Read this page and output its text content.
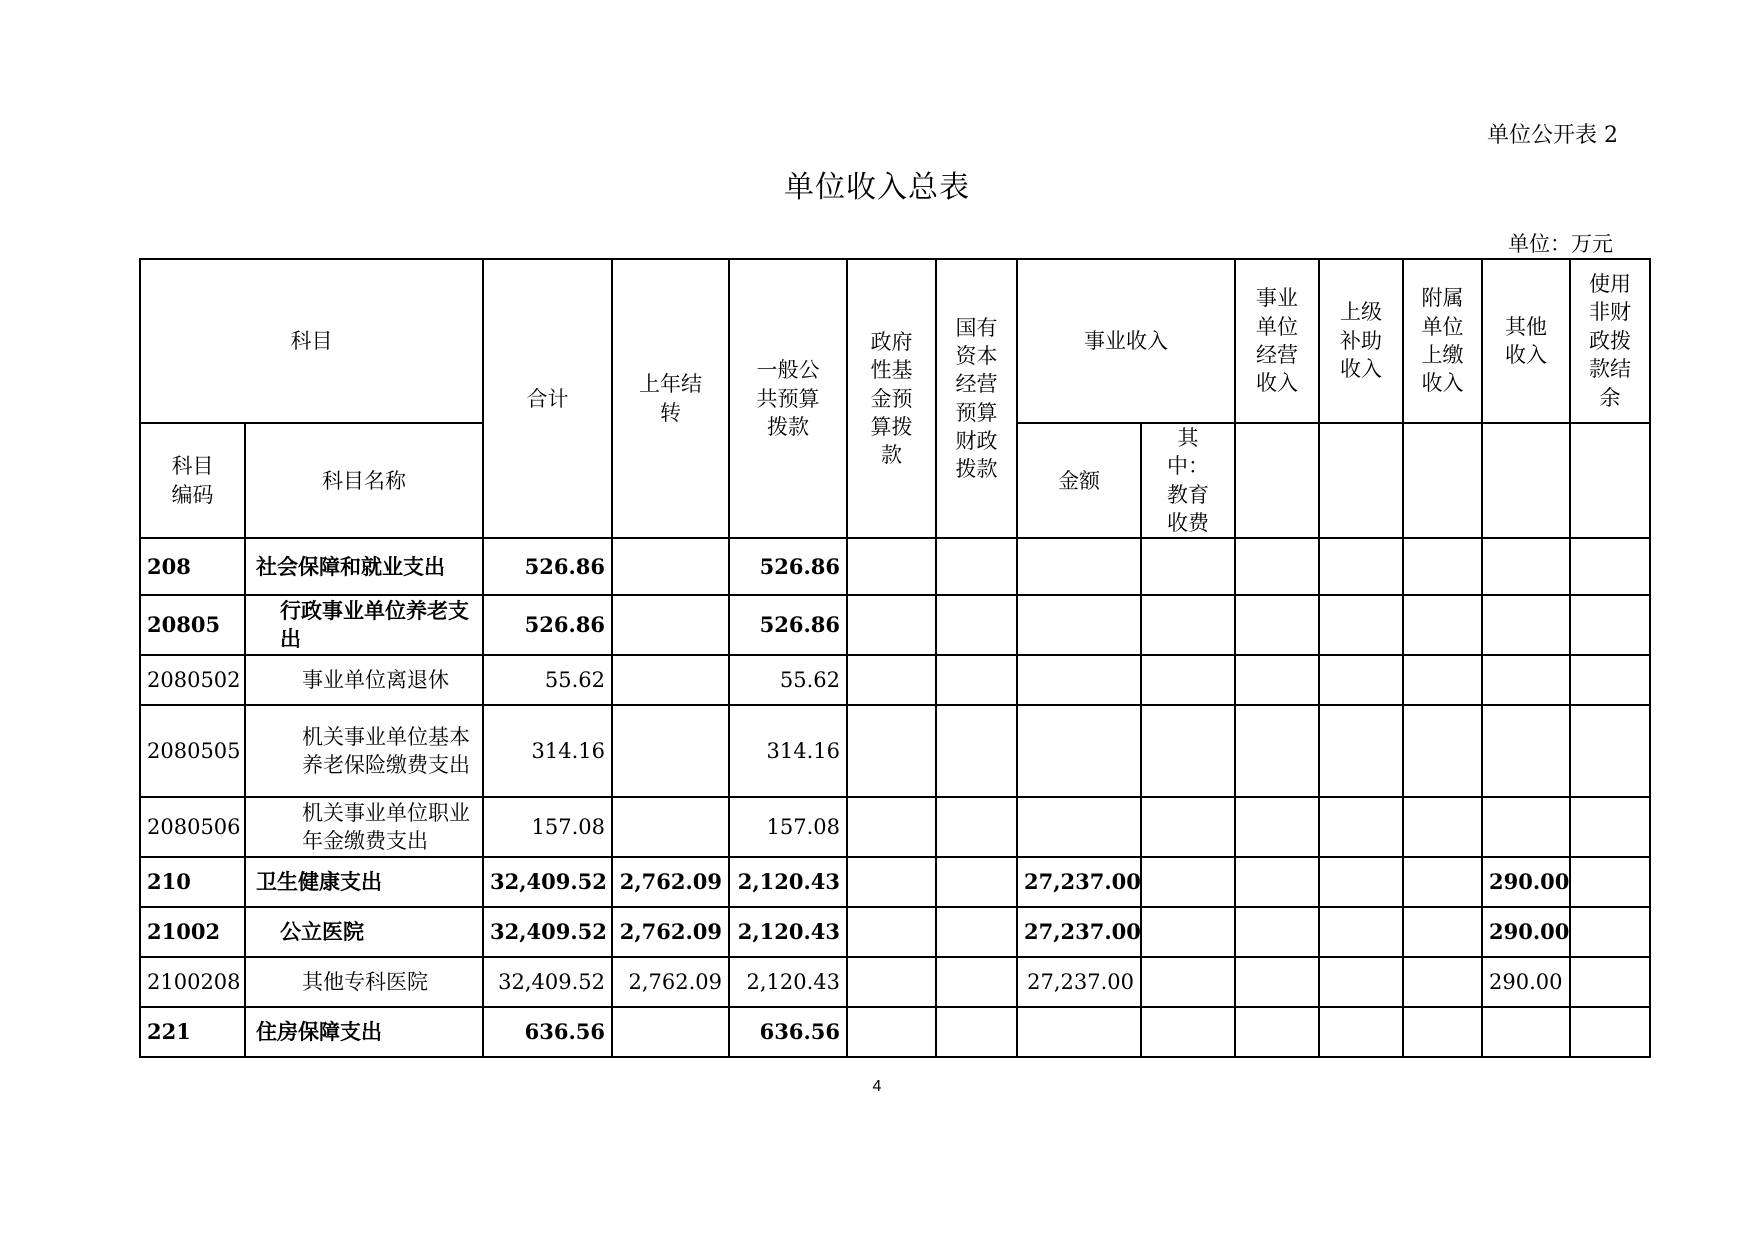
单位公开表 2
单位收入总表
单位：万元
科目		合计	上年结转	一般公共预算拨款	政府性基金预算拨款	国有资本经营预算财政拨款	事业收入		事业单位经营收入	上级补助收入	附属单位上缴收入	其他收入	使用非财政拨款结余

科目编码	科目名称						金额	其中：教育收费					

208	社会保障和就业支出	526.86		526.86									
20805	行政事业单位养老支出	526.86		526.86									
2080502	事业单位离退休	55.62		55.62									
2080505	机关事业单位基本养老保险缴费支出	314.16		314.16									
2080506	机关事业单位职业年金缴费支出	157.08		157.08									
210	卫生健康支出	32,409.52	2,762.09	2,120.43			27,237.00					290.00	
21002	公立医院	32,409.52	2,762.09	2,120.43			27,237.00					290.00	
2100208	其他专科医院	32,409.52	2,762.09	2,120.43			27,237.00					290.00	
221	住房保障支出	636.56		636.56									
4
